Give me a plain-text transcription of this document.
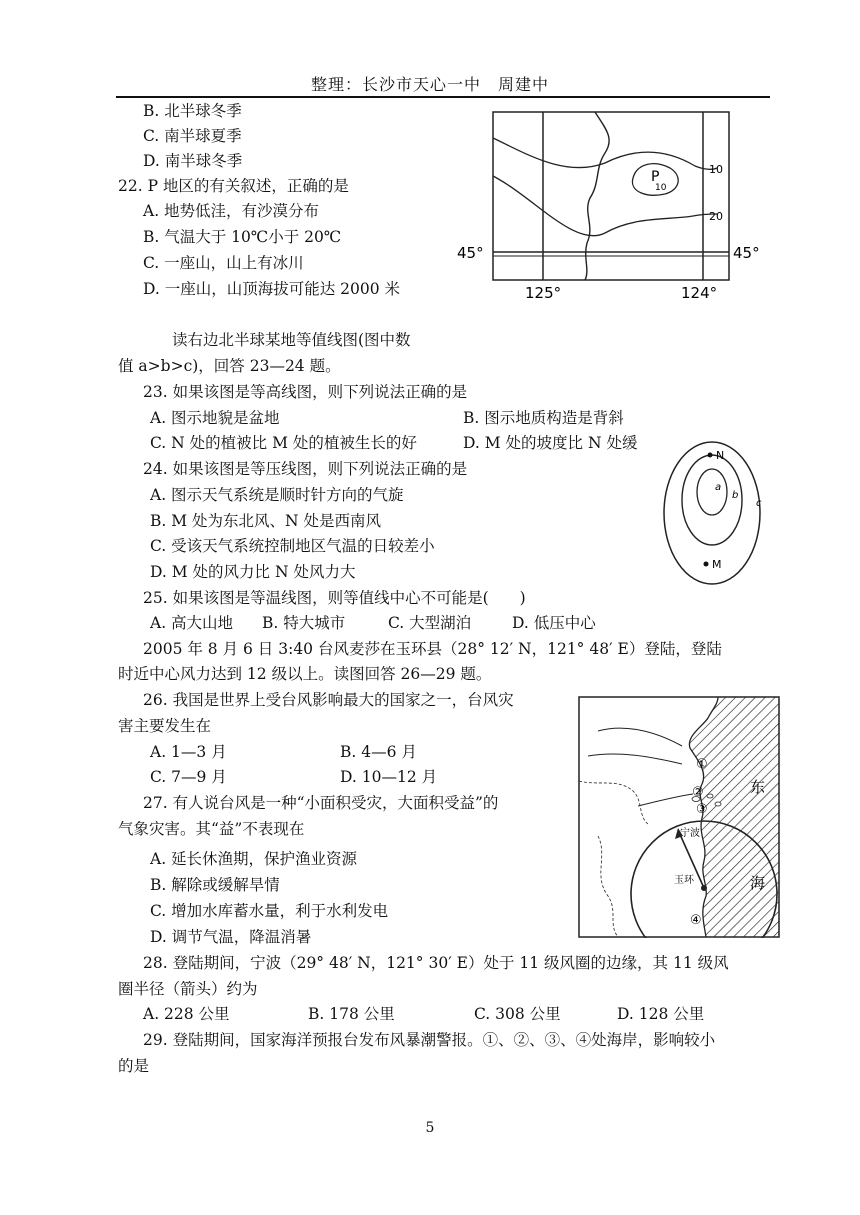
整理：长沙市天心一中　周建中
B. 北半球冬季
C. 南半球夏季
D. 南半球冬季
22. P 地区的有关叙述，正确的是
A. 地势低洼，有沙漠分布
B. 气温大于 10℃小于 20℃
C. 一座山，山上有冰川
D. 一座山，山顶海拔可能达 2000 米
读右边北半球某地等值线图(图中数
值 a>b>c)，回答 23—24 题。
23. 如果该图是等高线图，则下列说法正确的是
A. 图示地貌是盆地	B. 图示地质构造是背斜
C. N 处的植被比 M 处的植被生长的好	D. M 处的坡度比 N 处缓
24. 如果该图是等压线图，则下列说法正确的是
A. 图示天气系统是顺时针方向的气旋
B. M 处为东北风、N 处是西南风
C. 受该天气系统控制地区气温的日较差小
D. M 处的风力比 N 处风力大
25. 如果该图是等温线图，则等值线中心不可能是(　　)
A. 高大山地 B. 特大城市	C. 大型湖泊	D. 低压中心
2005 年 8 月 6 日 3:40 台风麦莎在玉环县（28° 12′ N，121° 48′ E）登陆，登陆
时近中心风力达到 12 级以上。读图回答 26—29 题。
26. 我国是世界上受台风影响最大的国家之一，台风灾
害主要发生在
A. 1—3 月	B. 4—6 月
C. 7—9 月	D. 10—12 月
27. 有人说台风是一种“小面积受灾，大面积受益”的
气象灾害。其“益”不表现在
A. 延长休渔期，保护渔业资源
B. 解除或缓解旱情
C. 增加水库蓄水量，利于水利发电
D. 调节气温，降温消暑
28. 登陆期间，宁波（29° 48′ N，121° 30′ E）处于 11 级风圈的边缘，其 11 级风
圈半径（箭头）约为
A. 228 公里	B. 178 公里	C. 308 公里	D. 128 公里
29. 登陆期间，国家海洋预报台发布风暴潮警报。①、②、③、④处海岸，影响较小
的是
P
10
10
20
45°	45°
125°	124°
N
M
a
b
c
宁波
玉环
东
海
①
②
③
④
5
